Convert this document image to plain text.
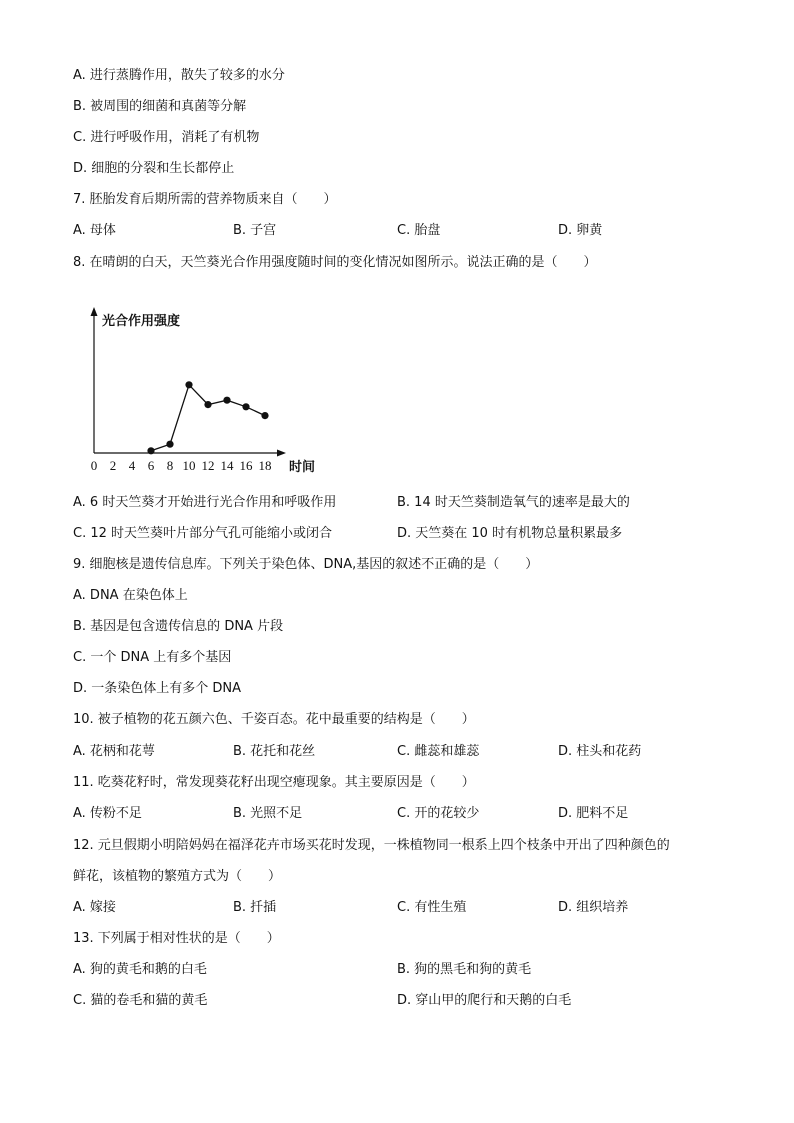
A. 进行蒸腾作用，散失了较多的水分
B. 被周围的细菌和真菌等分解
C. 进行呼吸作用，消耗了有机物
D. 细胞的分裂和生长都停止
7. 胚胎发育后期所需的营养物质来自（　　）
A. 母体	B. 子宫	C. 胎盘	D. 卵黄
8. 在晴朗的白天，天竺葵光合作用强度随时间的变化情况如图所示。说法正确的是（　　）
光合作用强度
时间
0 2 4 6 8 10 12 14 16 18
A. 6 时天竺葵才开始进行光合作用和呼吸作用	B. 14 时天竺葵制造氧气的速率是最大的
C. 12 时天竺葵叶片部分气孔可能缩小或闭合	D. 天竺葵在 10 时有机物总量积累最多
9. 细胞核是遗传信息库。下列关于染色体、DNA,基因的叙述不正确的是（　　）
A. DNA 在染色体上
B. 基因是包含遗传信息的 DNA 片段
C. 一个 DNA 上有多个基因
D. 一条染色体上有多个 DNA
10. 被子植物的花五颜六色、千姿百态。花中最重要的结构是（　　）
A. 花柄和花萼	B. 花托和花丝	C. 雌蕊和雄蕊	D. 柱头和花药
11. 吃葵花籽时，常发现葵花籽出现空瘪现象。其主要原因是（　　）
A. 传粉不足	B. 光照不足	C. 开的花较少	D. 肥料不足
12. 元旦假期小明陪妈妈在福泽花卉市场买花时发现，一株植物同一根系上四个枝条中开出了四种颜色的
鲜花，该植物的繁殖方式为（　　）
A. 嫁接	B. 扦插	C. 有性生殖	D. 组织培养
13. 下列属于相对性状的是（　　）
A. 狗的黄毛和鹅的白毛	B. 狗的黑毛和狗的黄毛
C. 猫的卷毛和猫的黄毛	D. 穿山甲的爬行和天鹅的白毛
